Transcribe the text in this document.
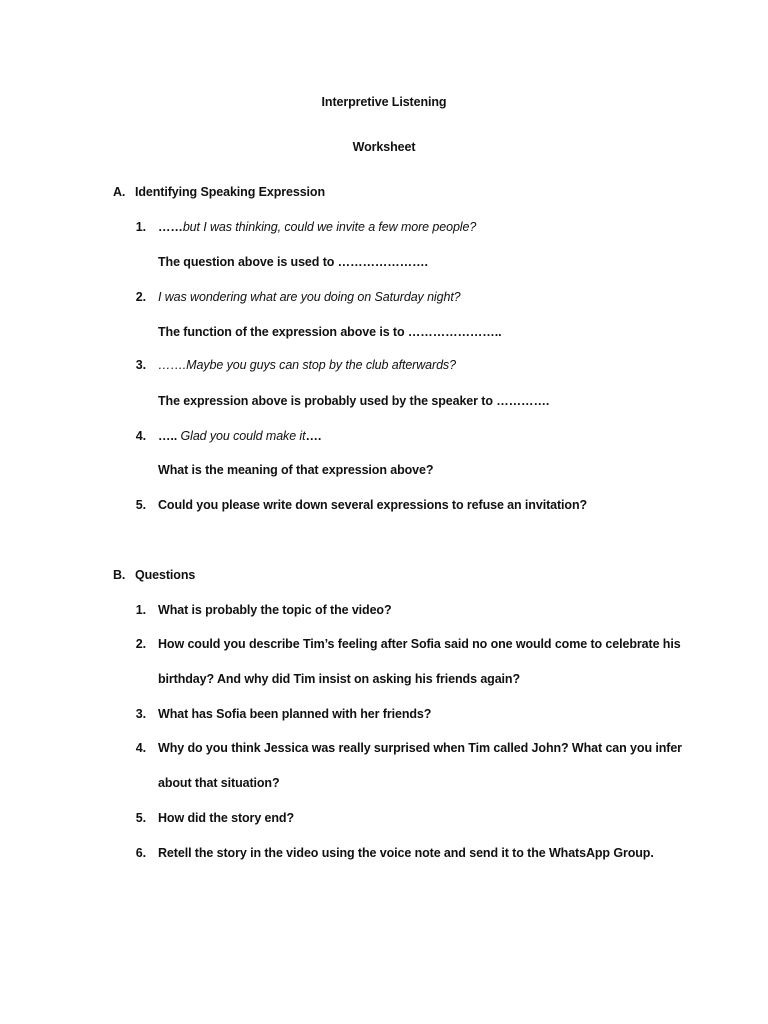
Interpretive Listening
Worksheet
A. Identifying Speaking Expression
1. ……but I was thinking, could we invite a few more people?
The question above is used to ………………….
2. I was wondering what are you doing on Saturday night?
The function of the expression above is to …………………..
3. …….Maybe you guys can stop by the club afterwards?
The expression above is probably used by the speaker to ………….
4. ….. Glad you could make it….
What is the meaning of that expression above?
5. Could you please write down several expressions to refuse an invitation?
B. Questions
1. What is probably the topic of the video?
2. How could you describe Tim’s feeling after Sofia said no one would come to celebrate his
birthday? And why did Tim insist on asking his friends again?
3. What has Sofia been planned with her friends?
4. Why do you think Jessica was really surprised when Tim called John? What can you infer
about that situation?
5. How did the story end?
6. Retell the story in the video using the voice note and send it to the WhatsApp Group.
